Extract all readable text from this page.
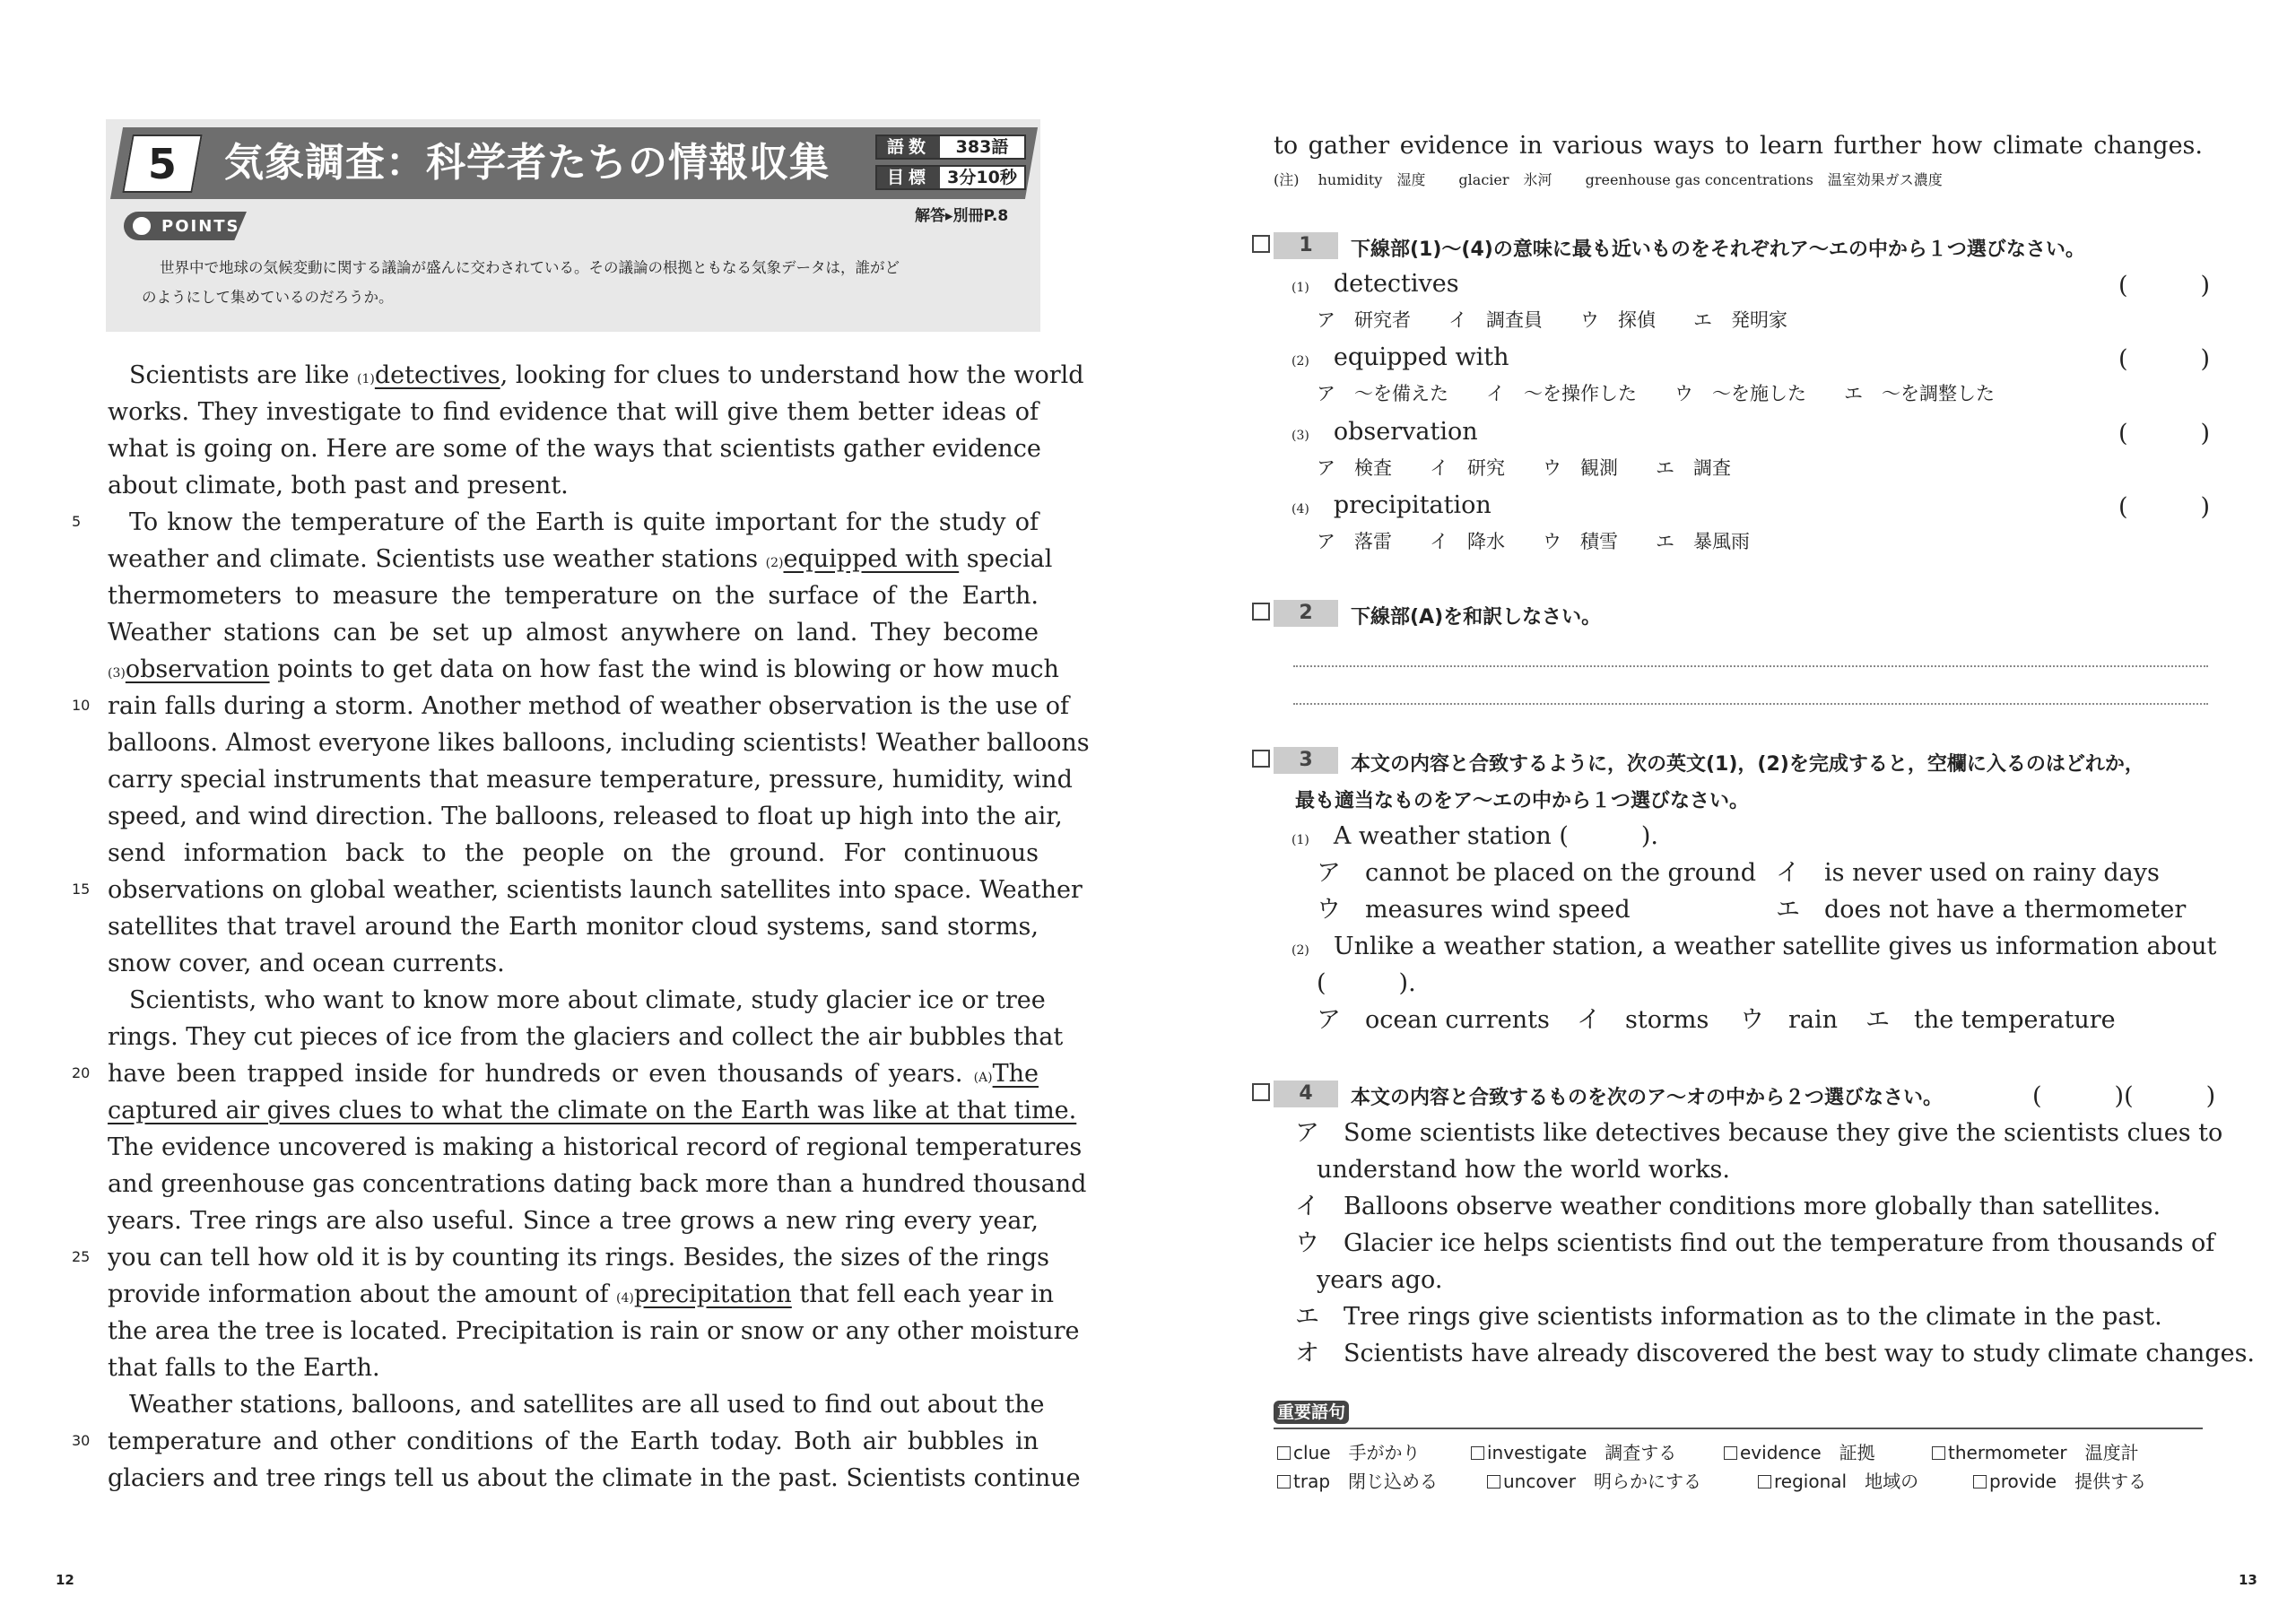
5	気象調査：科学者たちの情報収集	語数	383語
目標	3分10秒
POINTS
解答▸別冊P.8
世界中で地球の気候変動に関する議論が盛んに交わされている。その議論の根拠ともなる気象データは，誰がど
のようにして集めているのだろうか。
Scientists are like (1)detectives, looking for clues to understand how the world
works. They investigate to find evidence that will give them better ideas of
what is going on. Here are some of the ways that scientists gather evidence
about climate, both past and present.
To know the temperature of the Earth is quite important for the study of
weather and climate. Scientists use weather stations (2)equipped with special
thermometers to measure the temperature on the surface of the Earth.
Weather stations can be set up almost anywhere on land. They become
(3)observation points to get data on how fast the wind is blowing or how much
rain falls during a storm. Another method of weather observation is the use of
balloons. Almost everyone likes balloons, including scientists! Weather balloons
carry special instruments that measure temperature, pressure, humidity, wind
speed, and wind direction. The balloons, released to float up high into the air,
send information back to the people on the ground. For continuous
observations on global weather, scientists launch satellites into space. Weather
satellites that travel around the Earth monitor cloud systems, sand storms,
snow cover, and ocean currents.
Scientists, who want to know more about climate, study glacier ice or tree
rings. They cut pieces of ice from the glaciers and collect the air bubbles that
have been trapped inside for hundreds or even thousands of years. (A)The
captured air gives clues to what the climate on the Earth was like at that time.
The evidence uncovered is making a historical record of regional temperatures
and greenhouse gas concentrations dating back more than a hundred thousand
years. Tree rings are also useful. Since a tree grows a new ring every year,
you can tell how old it is by counting its rings. Besides, the sizes of the rings
provide information about the amount of (4)precipitation that fell each year in
the area the tree is located. Precipitation is rain or snow or any other moisture
that falls to the Earth.
Weather stations, balloons, and satellites are all used to find out about the
temperature and other conditions of the Earth today. Both air bubbles in
glaciers and tree rings tell us about the climate in the past. Scientists continue
5
10
15
20
25
30
12
to gather evidence in various ways to learn further how climate changes.
(注)　 humidity　湿度　　 glacier　氷河　　 greenhouse gas concentrations　温室効果ガス濃度
1	下線部(1)〜(4)の意味に最も近いものをそれぞれア〜エの中から１つ選びなさい。
(1)　 detectives	(　　　)
ア　研究者　　 イ　調査員　　 ウ　探偵　　 エ　発明家
(2)　 equipped with	(　　　)
ア　〜を備えた　　 イ　〜を操作した　　 ウ　〜を施した　　 エ　〜を調整した
(3)　 observation	(　　　)
ア　検査　　 イ　研究　　 ウ　観測　　 エ　調査
(4)　 precipitation	(　　　)
ア　落雷　　 イ　降水　　 ウ　積雪　　 エ　暴風雨
2	下線部(A)を和訳しなさい。
3	本文の内容と合致するように，次の英文(1)，(2)を完成すると，空欄に入るのはどれか，
最も適当なものをア〜エの中から１つ選びなさい。
(1)　 A weather station (　　　).
ア　cannot be placed on the ground イ　is never used on rainy days
ウ　measures wind speed	エ　does not have a thermometer
(2)　 Unlike a weather station, a weather satellite gives us information about
(　　　).
ア　ocean currents イ　storms ウ　rain エ　the temperature
4	本文の内容と合致するものを次のア〜オの中から２つ選びなさい。	(　　　)(　　　)
ア　Some scientists like detectives because they give the scientists clues to
understand how the world works.
イ　Balloons observe weather conditions more globally than satellites.
ウ　Glacier ice helps scientists find out the temperature from thousands of
years ago.
エ　Tree rings give scientists information as to the climate in the past.
オ　Scientists have already discovered the best way to study climate changes.
重要語句
clue　手がかり	investigate　調査する	evidence　証拠	thermometer　温度計
trap　閉じ込める	uncover　明らかにする	regional　地域の	provide　提供する
13
